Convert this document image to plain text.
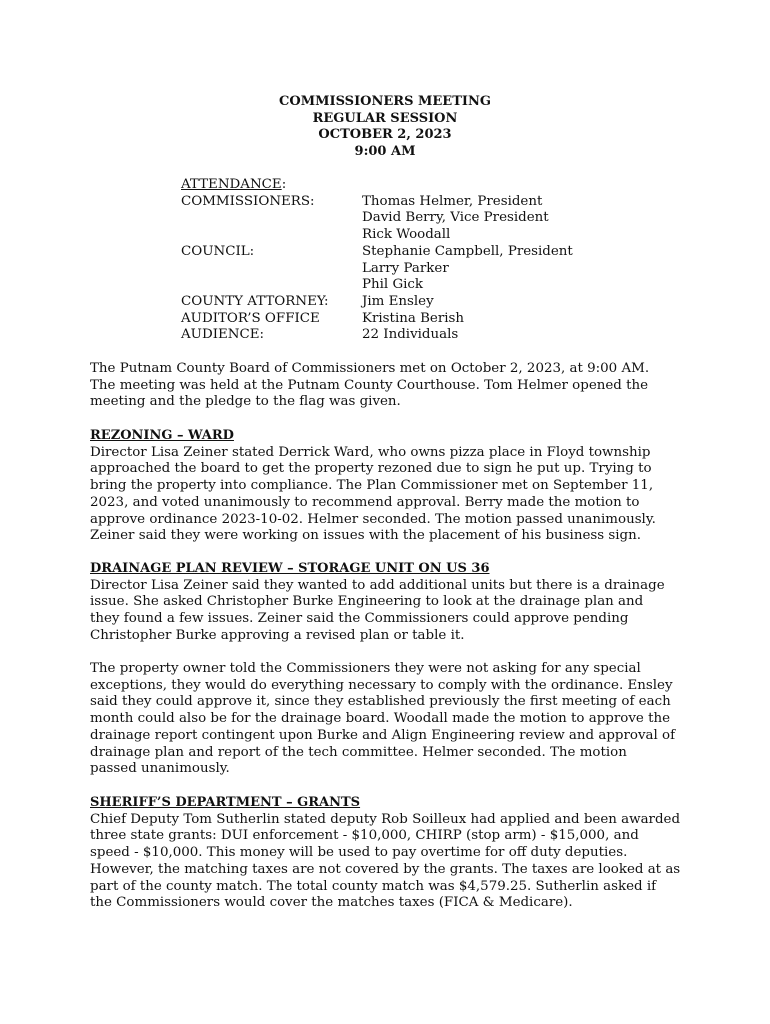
COMMISSIONERS MEETING
REGULAR SESSION
OCTOBER 2, 2023
9:00 AM
ATTENDANCE:
COMMISSIONERS:	Thomas Helmer, President
David Berry, Vice President
Rick Woodall
COUNCIL:	Stephanie Campbell, President
Larry Parker
Phil Gick
COUNTY ATTORNEY:	Jim Ensley
AUDITOR’S OFFICE	Kristina Berish
AUDIENCE:	22 Individuals
The Putnam County Board of Commissioners met on October 2, 2023, at 9:00 AM.
The meeting was held at the Putnam County Courthouse. Tom Helmer opened the
meeting and the pledge to the flag was given.
REZONING – WARD
Director Lisa Zeiner stated Derrick Ward, who owns pizza place in Floyd township
approached the board to get the property rezoned due to sign he put up. Trying to
bring the property into compliance. The Plan Commissioner met on September 11,
2023, and voted unanimously to recommend approval. Berry made the motion to
approve ordinance 2023-10-02. Helmer seconded. The motion passed unanimously.
Zeiner said they were working on issues with the placement of his business sign.
DRAINAGE PLAN REVIEW – STORAGE UNIT ON US 36
Director Lisa Zeiner said they wanted to add additional units but there is a drainage
issue. She asked Christopher Burke Engineering to look at the drainage plan and
they found a few issues. Zeiner said the Commissioners could approve pending
Christopher Burke approving a revised plan or table it.
The property owner told the Commissioners they were not asking for any special
exceptions, they would do everything necessary to comply with the ordinance. Ensley
said they could approve it, since they established previously the first meeting of each
month could also be for the drainage board. Woodall made the motion to approve the
drainage report contingent upon Burke and Align Engineering review and approval of
drainage plan and report of the tech committee. Helmer seconded. The motion
passed unanimously.
SHERIFF’S DEPARTMENT – GRANTS
Chief Deputy Tom Sutherlin stated deputy Rob Soilleux had applied and been awarded
three state grants: DUI enforcement - $10,000, CHIRP (stop arm) - $15,000, and
speed - $10,000. This money will be used to pay overtime for off duty deputies.
However, the matching taxes are not covered by the grants. The taxes are looked at as
part of the county match. The total county match was $4,579.25. Sutherlin asked if
the Commissioners would cover the matches taxes (FICA & Medicare).
